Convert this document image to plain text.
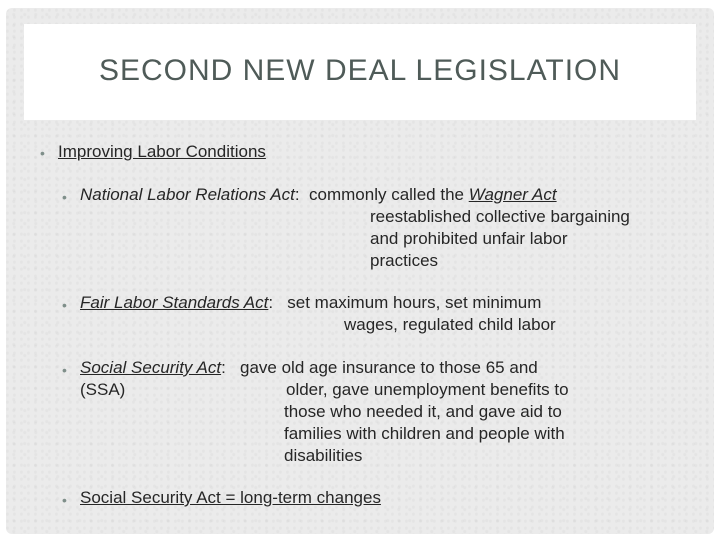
SECOND NEW DEAL LEGISLATION
• Improving Labor Conditions
• National Labor Relations Act: commonly called the Wagner Act
reestablished collective bargaining
and prohibited unfair labor
practices
• Fair Labor Standards Act: set maximum hours, set minimum
wages, regulated child labor
• Social Security Act: gave old age insurance to those 65 and
(SSA)	older, gave unemployment benefits to
those who needed it, and gave aid to
families with children and people with
disabilities
• Social Security Act = long-term changes
